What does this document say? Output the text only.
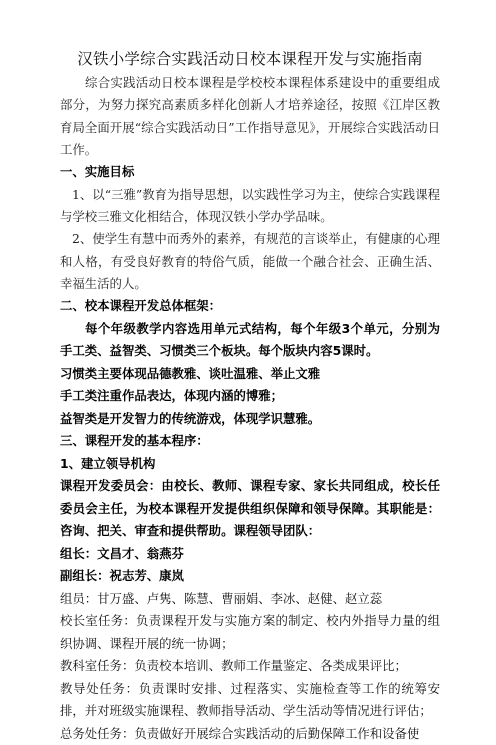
汉铁小学综合实践活动日校本课程开发与实施指南

综合实践活动日校本课程是学校校本课程体系建设中的重要组成部分，为努力探究高素质多样化创新人才培养途径，按照《江岸区教育局全面开展“综合实践活动日”工作指导意见》，开展综合实践活动日工作。

一、实施目标

1、以“三雅”教育为指导思想，以实践性学习为主，使综合实践课程与学校三雅文化相结合，体现汉铁小学办学品味。

2、使学生有慧中而秀外的素养，有规范的言谈举止，有健康的心理和人格，有受良好教育的特俗气质，能做一个融合社会、正确生活、幸福生活的人。

二、校本课程开发总体框架：

每个年级教学内容选用单元式结构，每个年级3个单元，分别为手工类、益智类、习惯类三个板块。每个版块内容5课时。

习惯类主要体现品德教雅、谈吐温雅、举止文雅

手工类注重作品表达，体现内涵的博雅；

益智类是开发智力的传统游戏，体现学识慧雅。

三、课程开发的基本程序：

1、建立领导机构

课程开发委员会：由校长、教师、课程专家、家长共同组成，校长任委员会主任，为校本课程开发提供组织保障和领导保障。其职能是：咨询、把关、审查和提供帮助。课程领导团队：

组长：文昌才、翁燕芬

副组长：祝志芳、康岚

组员：甘万盛、卢隽、陈慧、曹丽娟、李冰、赵健、赵立蕊

校长室任务：负责课程开发与实施方案的制定、校内外指导力量的组织协调、课程开展的统一协调；

教科室任务：负责校本培训、教师工作量鉴定、各类成果评比；

教导处任务：负责课时安排、过程落实、实施检查等工作的统筹安排，并对班级实施课程、教师指导活动、学生活动等情况进行评估；

总务处任务：负责做好开展综合实践活动的后勤保障工作和设备使
